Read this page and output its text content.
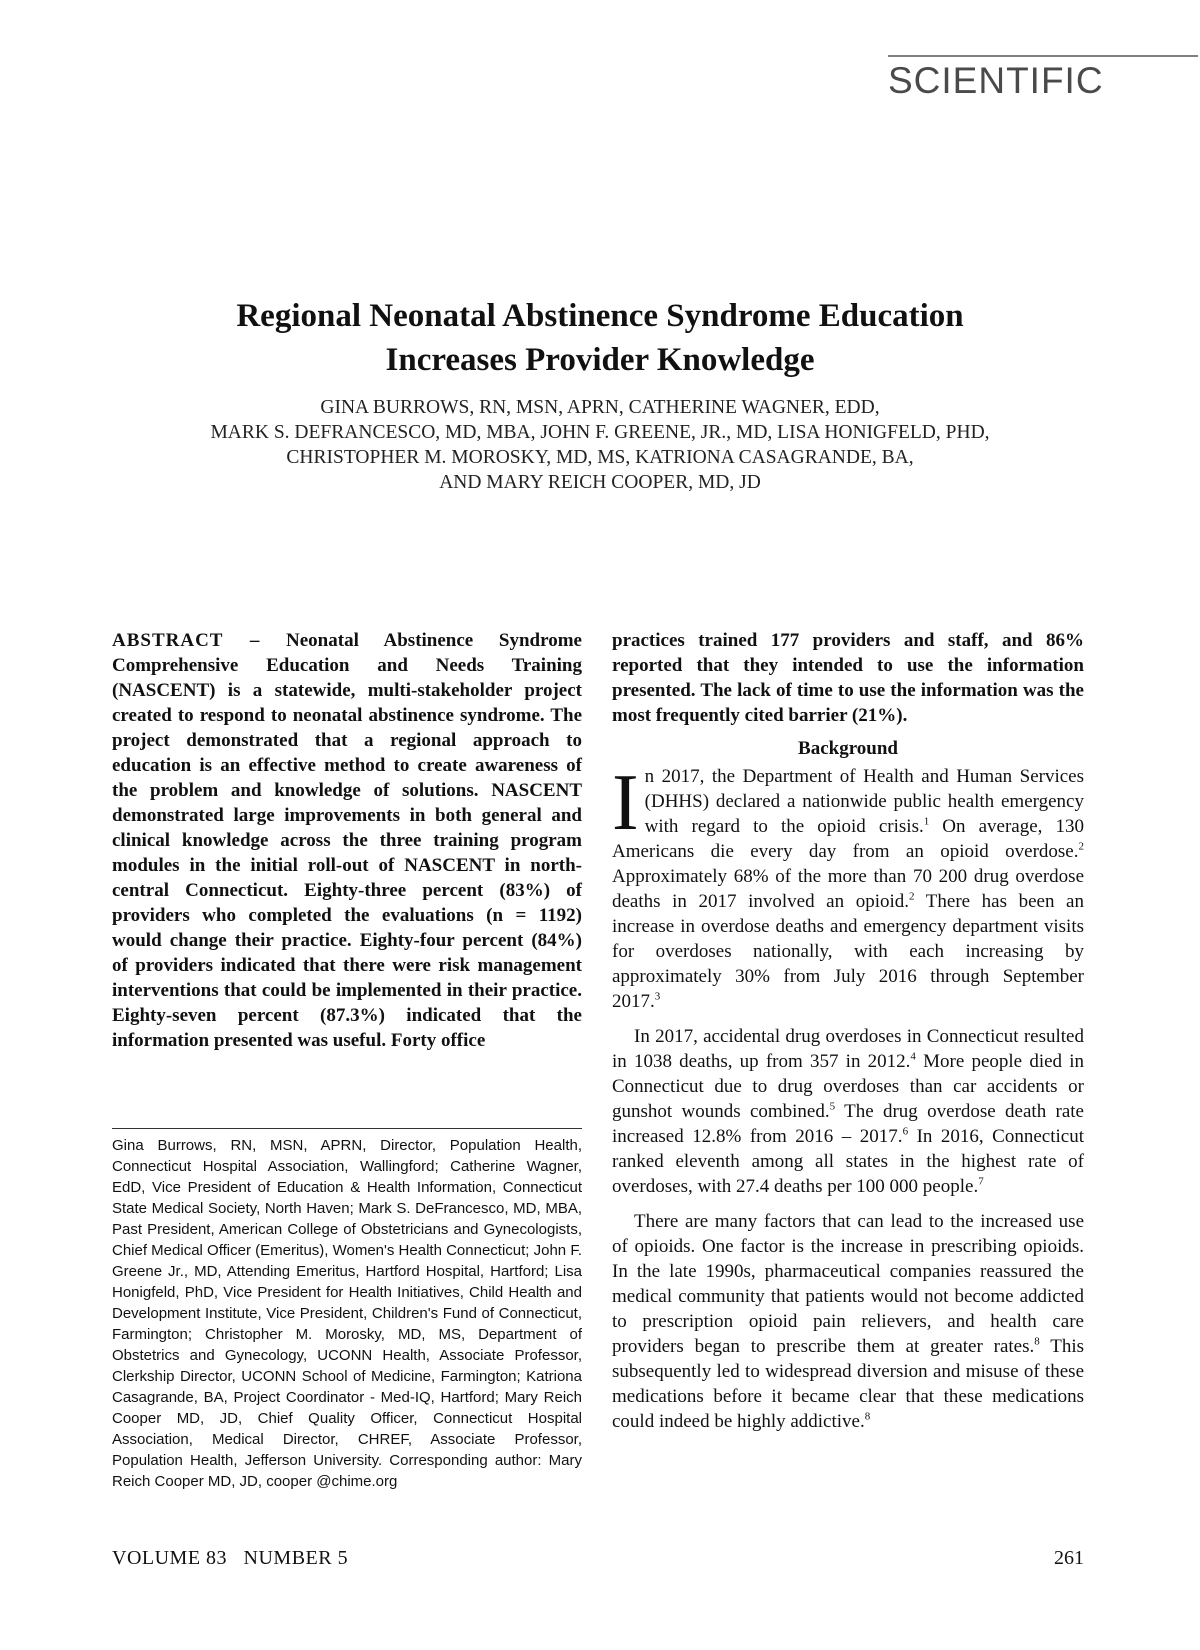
SCIENTIFIC
Regional Neonatal Abstinence Syndrome Education
Increases Provider Knowledge
GINA BURROWS, RN, MSN, APRN, CATHERINE WAGNER, EDD,
MARK S. DEFRANCESCO, MD, MBA, JOHN F. GREENE, JR., MD, LISA HONIGFELD, PHD,
CHRISTOPHER M. MOROSKY, MD, MS, KATRIONA CASAGRANDE, BA,
AND MARY REICH COOPER, MD, JD

ABSTRACT – Neonatal Abstinence Syndrome Comprehensive Education and Needs Training (NASCENT) is a statewide, multi-stakeholder project created to respond to neonatal abstinence syndrome. The project demonstrated that a regional approach to education is an effective method to create awareness of the problem and knowledge of solutions. NASCENT demonstrated large improvements in both general and clinical knowledge across the three training program modules in the initial roll-out of NASCENT in north-central Connecticut. Eighty-three percent (83%) of providers who completed the evaluations (n = 1192) would change their practice. Eighty-four percent (84%) of providers indicated that there were risk management interventions that could be implemented in their practice. Eighty-seven percent (87.3%) indicated that the information presented was useful. Forty office

Gina Burrows, RN, MSN, APRN, Director, Population Health, Connecticut Hospital Association, Wallingford; Catherine Wagner, EdD, Vice President of Education & Health Information, Connecticut State Medical Society, North Haven; Mark S. DeFrancesco, MD, MBA, Past President, American College of Obstetricians and Gynecologists, Chief Medical Officer (Emeritus), Women's Health Connecticut; John F. Greene Jr., MD, Attending Emeritus, Hartford Hospital, Hartford; Lisa Honigfeld, PhD, Vice President for Health Initiatives, Child Health and Development Institute, Vice President, Children's Fund of Connecticut, Farmington; Christopher M. Morosky, MD, MS, Department of Obstetrics and Gynecology, UCONN Health, Associate Professor, Clerkship Director, UCONN School of Medicine, Farmington; Katriona Casagrande, BA, Project Coordinator - Med-IQ, Hartford; Mary Reich Cooper MD, JD, Chief Quality Officer, Connecticut Hospital Association, Medical Director, CHREF, Associate Professor, Population Health, Jefferson University. Corresponding author: Mary Reich Cooper MD, JD, cooper @chime.org

practices trained 177 providers and staff, and 86% reported that they intended to use the information presented. The lack of time to use the information was the most frequently cited barrier (21%).

Background

In 2017, the Department of Health and Human Services (DHHS) declared a nationwide public health emergency with regard to the opioid crisis.$^1$ On average, 130 Americans die every day from an opioid overdose.$^2$ Approximately 68% of the more than 70 200 drug overdose deaths in 2017 involved an opioid.$^2$ There has been an increase in overdose deaths and emergency department visits for overdoses nationally, with each increasing by approximately 30% from July 2016 through September 2017.$^3$

In 2017, accidental drug overdoses in Connecticut resulted in 1038 deaths, up from 357 in 2012.$^4$ More people died in Connecticut due to drug overdoses than car accidents or gunshot wounds combined.$^5$ The drug overdose death rate increased 12.8% from 2016 – 2017.$^6$ In 2016, Connecticut ranked eleventh among all states in the highest rate of overdoses, with 27.4 deaths per 100 000 people.$^7$

There are many factors that can lead to the increased use of opioids. One factor is the increase in prescribing opioids. In the late 1990s, pharmaceutical companies reassured the medical community that patients would not become addicted to prescription opioid pain relievers, and health care providers began to prescribe them at greater rates.$^8$ This subsequently led to widespread diversion and misuse of these medications before it became clear that these medications could indeed be highly addictive.$^8$

VOLUME 83   NUMBER 5	261
